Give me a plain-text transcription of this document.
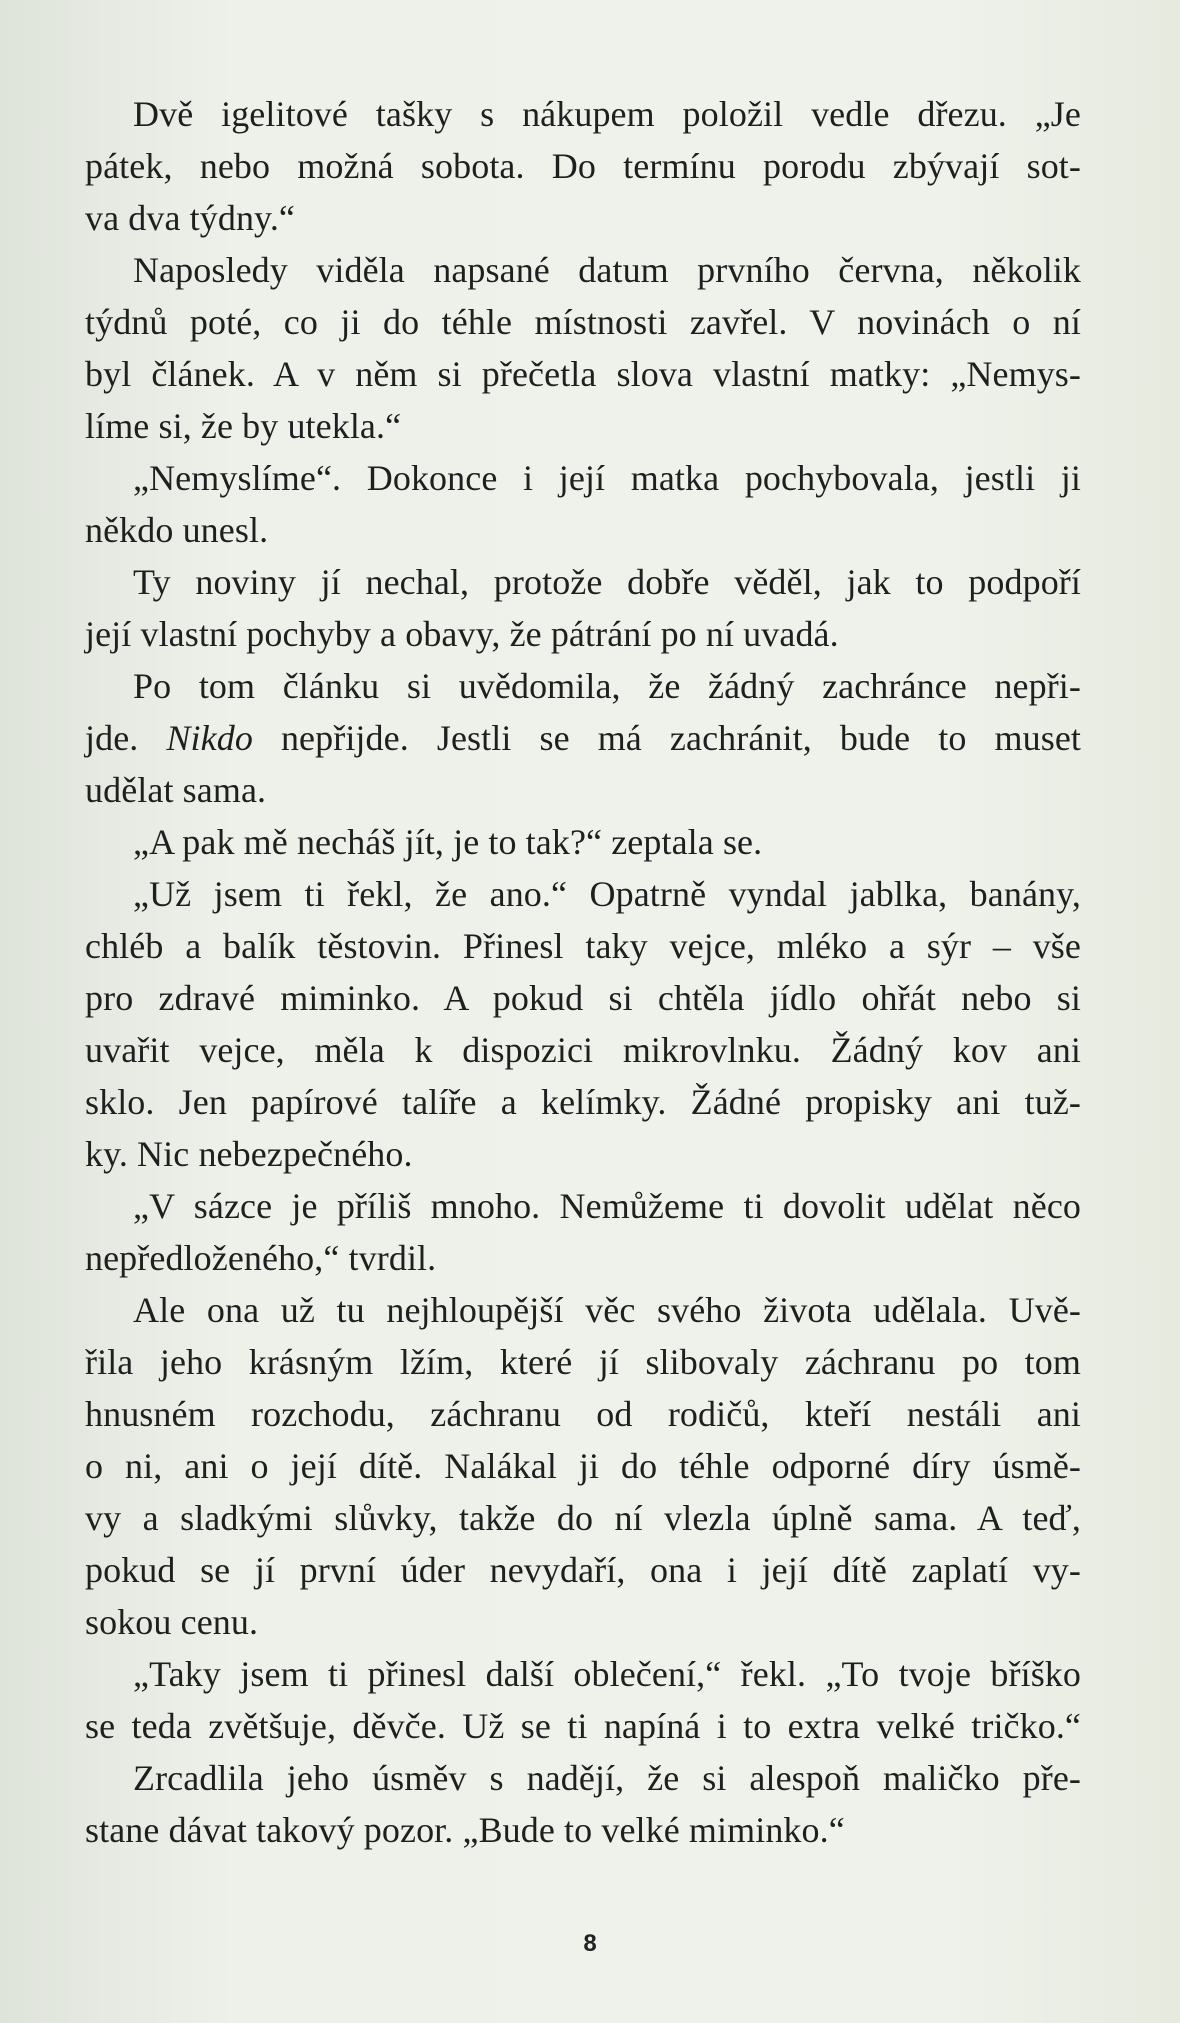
Dvě igelitové tašky s nákupem položil vedle dřezu. „Je
pátek, nebo možná sobota. Do termínu porodu zbývají sot-
va dva týdny.“
Naposledy viděla napsané datum prvního června, několik
týdnů poté, co ji do téhle místnosti zavřel. V novinách o ní
byl článek. A v něm si přečetla slova vlastní matky: „Nemys-
líme si, že by utekla.“
„Nemyslíme“. Dokonce i její matka pochybovala, jestli ji
někdo unesl.
Ty noviny jí nechal, protože dobře věděl, jak to podpoří
její vlastní pochyby a obavy, že pátrání po ní uvadá.
Po tom článku si uvědomila, že žádný zachránce nepři-
jde. Nikdo nepřijde. Jestli se má zachránit, bude to muset
udělat sama.
„A pak mě necháš jít, je to tak?“ zeptala se.
„Už jsem ti řekl, že ano.“ Opatrně vyndal jablka, banány,
chléb a balík těstovin. Přinesl taky vejce, mléko a sýr – vše
pro zdravé miminko. A pokud si chtěla jídlo ohřát nebo si
uvařit vejce, měla k dispozici mikrovlnku. Žádný kov ani
sklo. Jen papírové talíře a kelímky. Žádné propisky ani tuž-
ky. Nic nebezpečného.
„V sázce je příliš mnoho. Nemůžeme ti dovolit udělat něco
nepředloženého,“ tvrdil.
Ale ona už tu nejhloupější věc svého života udělala. Uvě-
řila jeho krásným lžím, které jí slibovaly záchranu po tom
hnusném rozchodu, záchranu od rodičů, kteří nestáli ani
o ni, ani o její dítě. Nalákal ji do téhle odporné díry úsmě-
vy a sladkými slůvky, takže do ní vlezla úplně sama. A teď,
pokud se jí první úder nevydaří, ona i její dítě zaplatí vy-
sokou cenu.
„Taky jsem ti přinesl další oblečení,“ řekl. „To tvoje bříško
se teda zvětšuje, děvče. Už se ti napíná i to extra velké tričko.“
Zrcadlila jeho úsměv s nadějí, že si alespoň maličko pře-
stane dávat takový pozor. „Bude to velké miminko.“
8
